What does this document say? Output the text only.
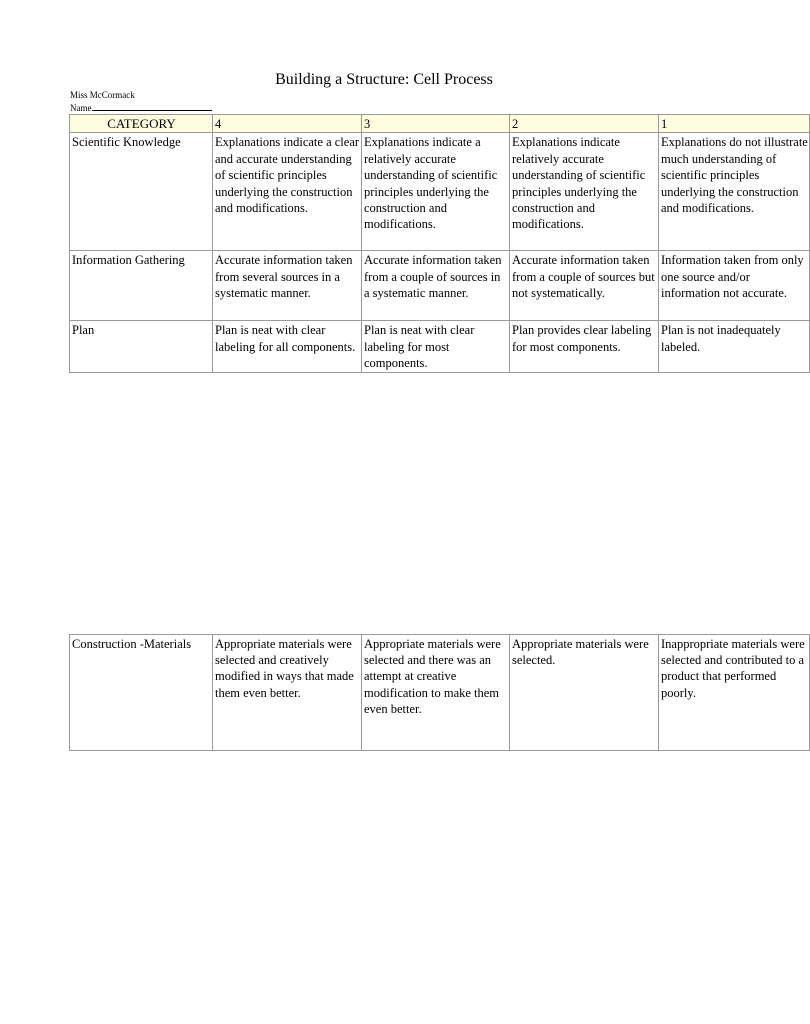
Building a Structure: Cell Process
Miss McCormack
Name
CATEGORY	4	3	2	1
Scientific Knowledge	Explanations indicate a clear and accurate understanding of scientific principles underlying the construction and modifications.	Explanations indicate a relatively accurate understanding of scientific principles underlying the construction and modifications.	Explanations indicate relatively accurate understanding of scientific principles underlying the construction and modifications.	Explanations do not illustrate much understanding of scientific principles underlying the construction and modifications.
Information Gathering	Accurate information taken from several sources in a systematic manner.	Accurate information taken from a couple of sources in a systematic manner.	Accurate information taken from a couple of sources but not systematically.	Information taken from only one source and/or information not accurate.
Plan	Plan is neat with clear labeling for all components.	Plan is neat with clear labeling for most components.	Plan provides clear labeling for most components.	Plan is not inadequately labeled.

Construction -Materials	Appropriate materials were selected and creatively modified in ways that made them even better.	Appropriate materials were selected and there was an attempt at creative modification to make them even better.	Appropriate materials were selected.	Inappropriate materials were selected and contributed to a product that performed poorly.
